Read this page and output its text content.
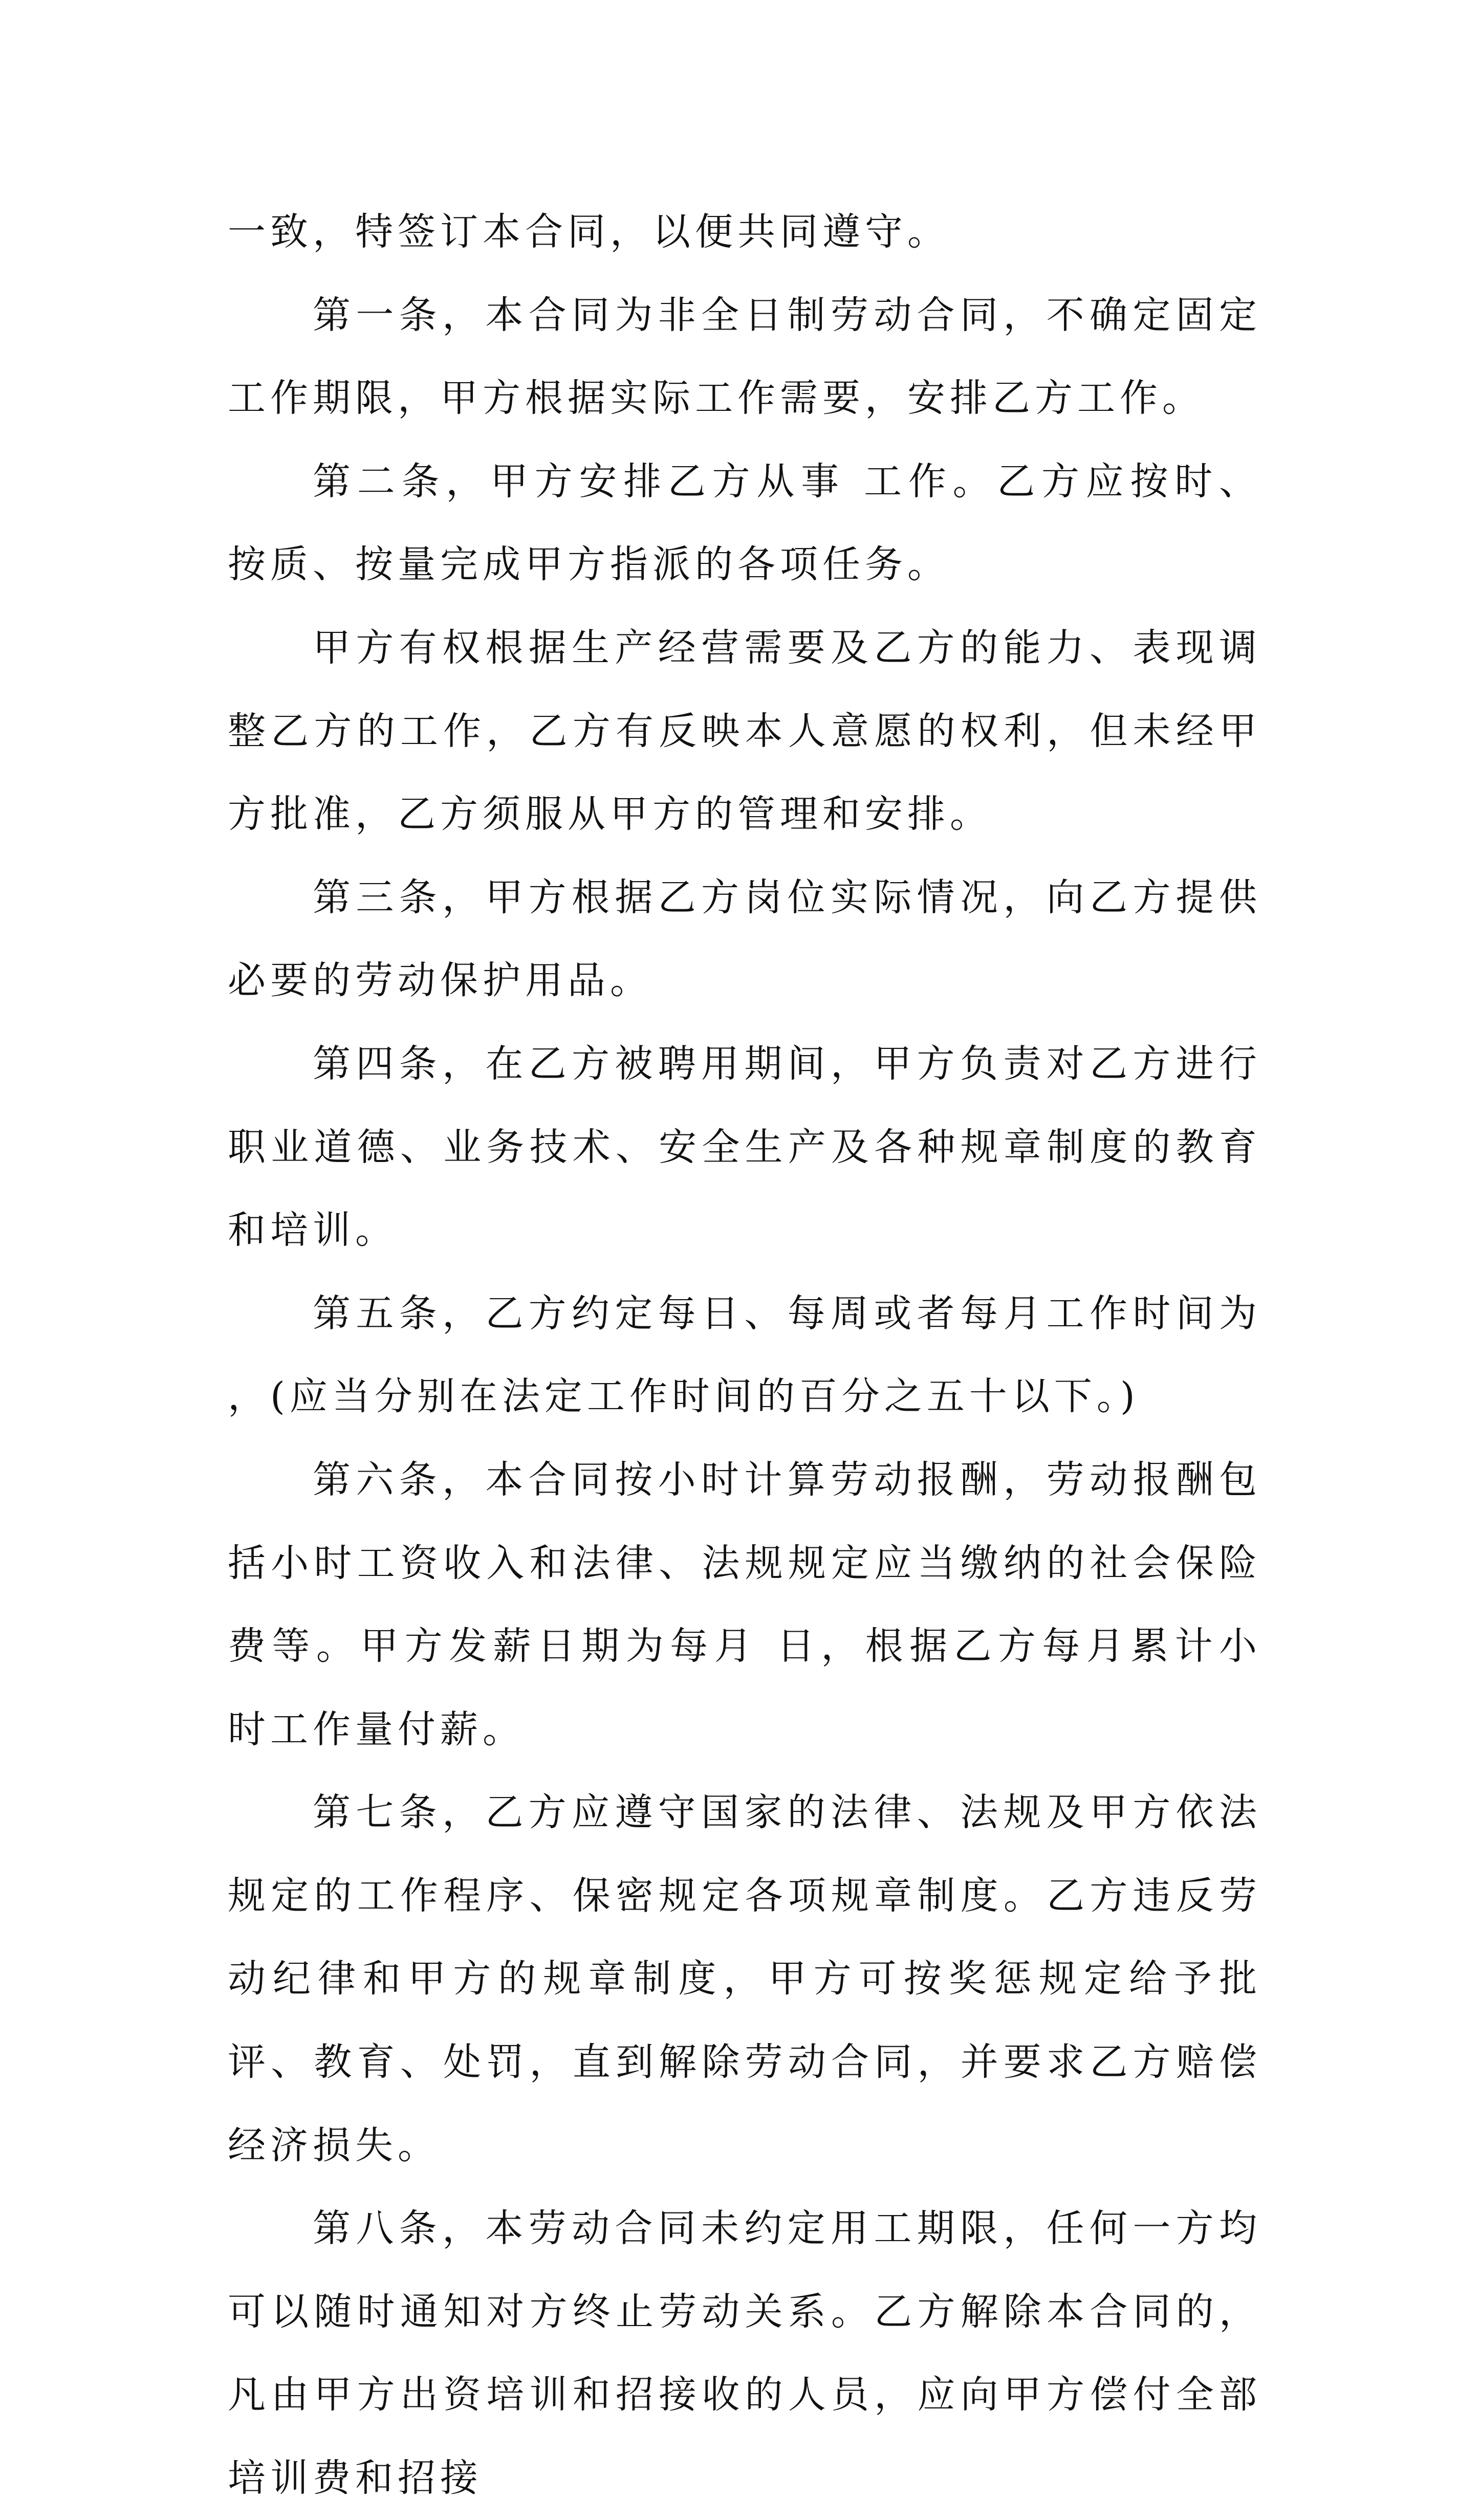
一致，特签订本合同，以便共同遵守。

第一条，本合同为非全日制劳动合同，不确定固定工作期限，甲方根据实际工作需要，安排乙方工作。

第二条，甲方安排乙方从事 工作。乙方应按时、按质、按量完成甲方指派的各项任务。

甲方有权根据生产经营需要及乙方的能力、表现调整乙方的工作，乙方有反映本人意愿的权利，但未经甲方批准，乙方须服从甲方的管理和安排。

第三条，甲方根据乙方岗位实际情况，向乙方提供必要的劳动保护用品。

第四条，在乙方被聘用期间，甲方负责对乙方进行职业道德、业务技术、安全生产及各种规章制度的教育和培训。

第五条，乙方约定每日、每周或者每月工作时间为 ，(应当分别在法定工作时间的百分之五十以下。)

第六条，本合同按小时计算劳动报酬，劳动报酬包括小时工资收入和法律、法规规定应当缴纳的社会保险费等。甲方发薪日期为每月 日，根据乙方每月累计小时工作量付薪。

第七条，乙方应遵守国家的法律、法规及甲方依法规定的工作程序、保密规定各项规章制度。乙方违反劳动纪律和甲方的规章制度，甲方可按奖惩规定给予批评、教育、处罚，直到解除劳动合同，并要求乙方赔偿经济损失。

第八条，本劳动合同未约定用工期限，任何一方均可以随时通知对方终止劳动关系。乙方解除本合同的，凡由甲方出资培训和招接收的人员，应向甲方偿付全部培训费和招接
